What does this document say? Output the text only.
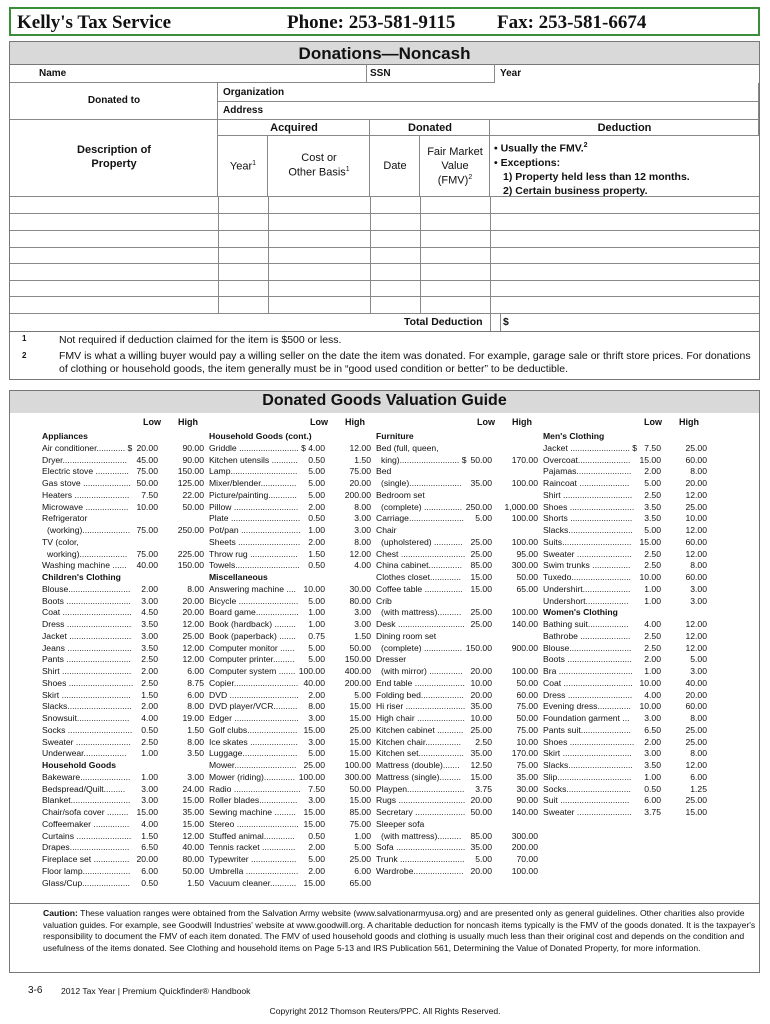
Kelly's Tax Service	Phone: 253-581-9115 Fax: 253-581-6674
Donations—Noncash
Name	SSN	Year
Donated to
Organization
Address
Acquired	Donated	Deduction
Description of
Property	Year$^1$	Cost or
Other Basis$^1$	Date
Fair Market
Value
(FMV)$^2$
• Usually the FMV.$^2$
• Exceptions:
1) Property held less than 12 months.
2) Certain business property.
Total Deduction $
1	Not required if deduction claimed for the item is $500 or less.
2	FMV is what a willing buyer would pay a willing seller on the date the item was donated. For example, garage sale or thrift store prices. For donations of clothing or household goods, the item generally must be in “good used condition or better” to be deductible.
Donated Goods Valuation Guide
Low High	Low High	Low High	Low High
Appliances
Air conditioner............ $ 20.00	90.00
Dryer........................... 45.00	90.00
Electric stove .............. 75.00 150.00
Gas stove .................... 50.00 125.00
Heaters ....................... 7.50	22.00
Microwave .................. 10.00	50.00
Refrigerator
(working).................... 75.00 250.00
TV (color,
working).................... 75.00 225.00
Washing machine ...... 40.00 150.00
Children's Clothing
Blouse.......................... 2.00	8.00
Boots ........................... 3.00	20.00
Coat ............................. 4.50	20.00
Dress ........................... 3.50	12.00
Jacket .......................... 3.00	25.00
Jeans ........................... 3.50	12.00
Pants ........................... 2.50	12.00
Shirt ............................. 2.00	6.00
Shoes ........................... 2.50	8.75
Skirt ............................. 1.50	6.00
Slacks........................... 2.00	8.00
Snowsuit...................... 4.00	19.00
Socks ........................... 0.50	1.50
Sweater ....................... 2.50	8.00
Underwear.................. 1.00	3.50
Household Goods
Bakeware..................... 1.00	3.00
Bedspread/Quilt......... 3.00	24.00
Blanket......................... 3.00	15.00
Chair/sofa cover ......... 15.00	35.00
Coffeemaker ............... 4.00	15.00
Curtains ....................... 1.50	12.00
Drapes......................... 6.50	40.00
Fireplace set ............... 20.00	80.00
Floor lamp.................... 6.00	50.00
Glass/Cup.................... 0.50	1.50
Household Goods (cont.)
Griddle ......................... $ 4.00	12.00
Kitchen utensils ........... 0.50	1.50
Lamp............................ 5.00	75.00
Mixer/blender............... 5.00	20.00
Picture/painting............ 5.00 200.00
Pillow ........................... 2.00	8.00
Plate ............................. 0.50	3.00
Pot/pan ......................... 1.00	3.00
Sheets .......................... 2.00	8.00
Throw rug .................... 1.50	12.00
Towels........................... 0.50	4.00
Miscellaneous
Answering machine .... 10.00	30.00
Bicycle ......................... 5.00	80.00
Board game.................. 1.00	3.00
Book (hardback) ......... 1.00	3.00
Book (paperback) ....... 0.75	1.50
Computer monitor ...... 5.00	50.00
Computer printer......... 5.00 150.00
Computer system ....... 100.00 400.00
Copier........................... 40.00 200.00
DVD ............................. 2.00	5.00
DVD player/VCR.......... 8.00	15.00
Edger ........................... 3.00	15.00
Golf clubs..................... 15.00	25.00
Ice skates .................... 3.00	15.00
Luggage....................... 5.00	15.00
Mower.......................... 25.00 100.00
Mower (riding)............. 100.00 300.00
Radio ............................ 7.50	50.00
Roller blades................ 3.00	15.00
Sewing machine ......... 15.00	85.00
Stereo .......................... 15.00	75.00
Stuffed animal............. 0.50	1.00
Tennis racket .............. 2.00	5.00
Typewriter ................... 5.00	25.00
Umbrella ...................... 2.00	6.00
Vacuum cleaner........... 15.00	65.00
Furniture
Bed (full, queen,
king)......................... $ 50.00 170.00
Bed
(single)...................... 35.00 100.00
Bedroom set
(complete) ................ 250.00 1,000.00
Carriage....................... 5.00 100.00
Chair
(upholstered) ............ 25.00 100.00
Chest ........................... 25.00	95.00
China cabinet.............. 85.00 300.00
Clothes closet............. 15.00	50.00
Coffee table ................ 15.00	65.00
Crib
(with mattress).......... 25.00 100.00
Desk ............................ 25.00 140.00
Dining room set
(complete) ................ 150.00 900.00
Dresser
(with mirror) .............. 20.00 100.00
End table ..................... 10.00	50.00
Folding bed.................. 20.00	60.00
Hi riser ......................... 35.00	75.00
High chair .................... 10.00	50.00
Kitchen cabinet ........... 25.00	75.00
Kitchen chair............... 2.50	10.00
Kitchen set................... 35.00 170.00
Mattress (double)....... 12.50	75.00
Mattress (single)......... 15.00	35.00
Playpen........................ 3.75	30.00
Rugs ............................ 20.00	90.00
Secretary ..................... 50.00 140.00
Sleeper sofa
(with mattress).......... 85.00 300.00
Sofa ............................. 35.00 200.00
Trunk ........................... 5.00	70.00
Wardrobe..................... 20.00 100.00
Men's Clothing
Jacket ......................... $ 7.50	25.00
Overcoat...................... 15.00	60.00
Pajamas....................... 2.00	8.00
Raincoat ..................... 5.00	20.00
Shirt ............................. 2.50	12.00
Shoes ........................... 3.50	25.00
Shorts .......................... 3.50	10.00
Slacks........................... 5.00	12.00
Suits............................. 15.00	60.00
Sweater ....................... 2.50	12.00
Swim trunks ................ 2.50	8.00
Tuxedo......................... 10.00	60.00
Undershirt.................... 1.00	3.00
Undershort.................. 1.00	3.00
Women's Clothing
Bathing suit................. 4.00	12.00
Bathrobe ..................... 2.50	12.00
Blouse.......................... 2.50	12.00
Boots ........................... 2.00	5.00
Bra ............................... 1.00	3.00
Coat ............................. 10.00	40.00
Dress ........................... 4.00	20.00
Evening dress.............. 10.00	60.00
Foundation garment ... 3.00	8.00
Pants suit..................... 6.50	25.00
Shoes ........................... 2.00	25.00
Skirt ............................. 3.00	8.00
Slacks........................... 3.50	12.00
Slip............................... 1.00	6.00
Socks........................... 0.50	1.25
Suit ............................. 6.00	25.00
Sweater ....................... 3.75	15.00
Caution: These valuation ranges were obtained from the Salvation Army website (www.salvationarmyusa.org) and are presented only as general guidelines. Other charities also provide valuation guides. For example, see Goodwill Industries' website at www.goodwill.org. A charitable deduction for noncash items typically is the FMV of the goods donated. It is the taxpayer's responsibility to document the FMV of each item donated. The FMV of used household goods and clothing is usually much less than their original cost and depends on the condition and usefulness of the items donated. See Clothing and household items on Page 5-13 and IRS Publication 561, Determining the Value of Donated Property, for more information.
3-6 2012 Tax Year | Premium Quickfinder® Handbook
Copyright 2012 Thomson Reuters/PPC. All Rights Reserved.
